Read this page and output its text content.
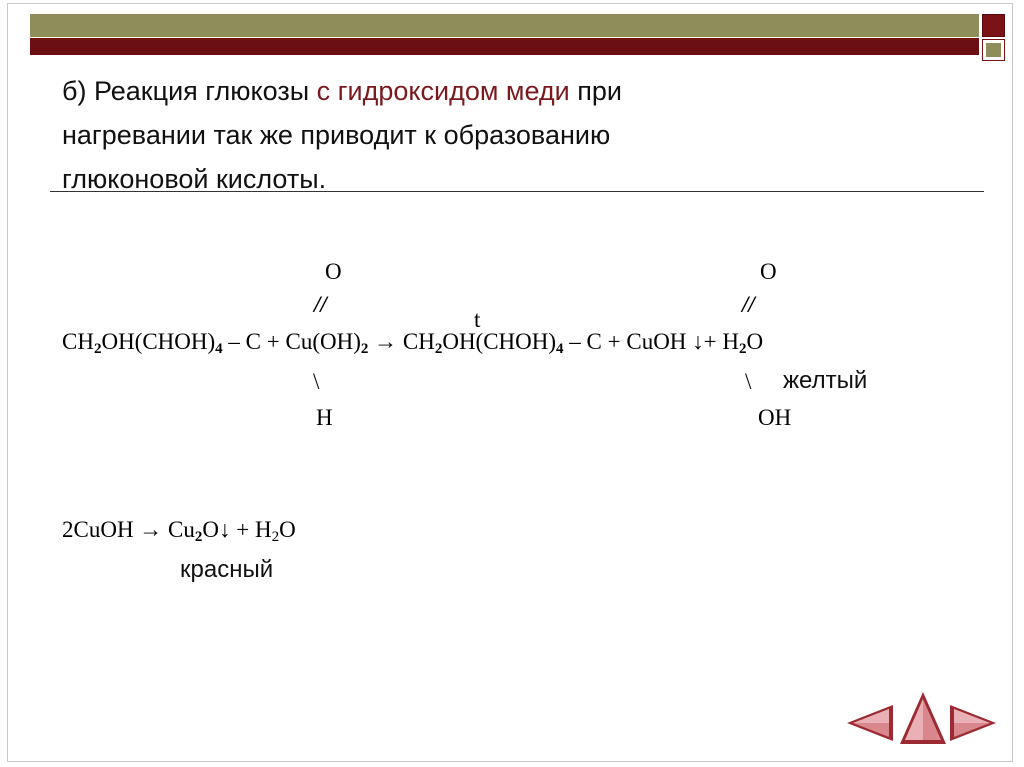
б) Реакция глюкозы с гидроксидом меди при
нагревании так же приводит к образованию
глюконовой кислоты.
O
//
t
O
//
$CH_2OH(CHOH)_4 - C + Cu(OH)_2$ → $CH_2OH(CHOH)_4$ – C + CuOH ↓+ $H_2O$
\	\ желтый
H	OH
2CuOH → $Cu_2O↓ + H_2O$
красный
